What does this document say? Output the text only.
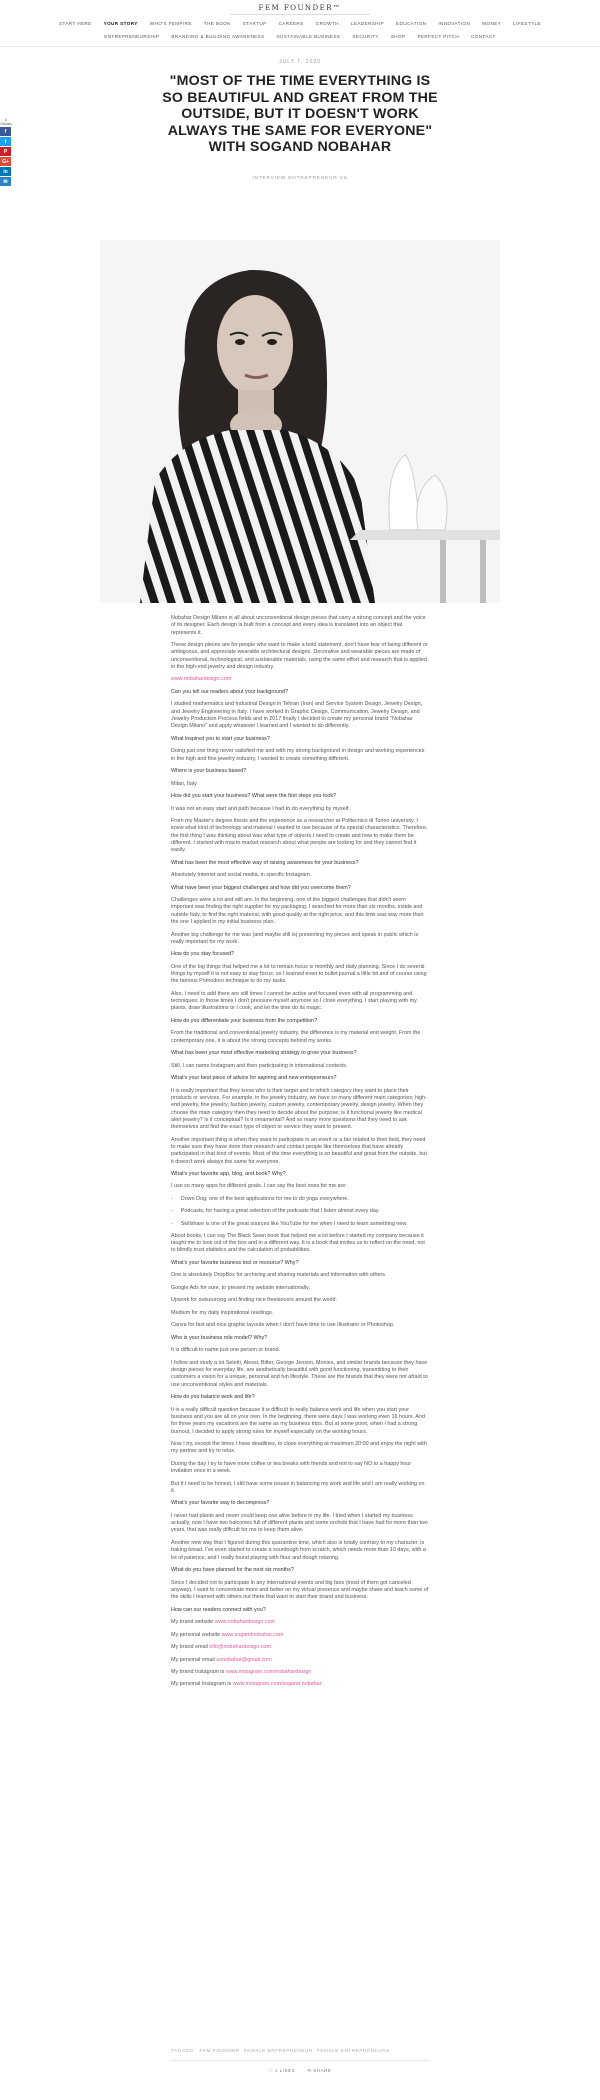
FEM FOUNDER™
START HERE	YOUR STORY	WHO'S FEMPIRE	THE BOOK	STARTUP	CAREERS	GROWTH	LEADERSHIP	EDUCATION	INNOVATION	MONEY	LIFESTYLE
ENTREPRENEURSHIP	BRANDING & BUILDING AWARENESS	SUSTAINABLE BUSINESS	SECURITY	SHOP	PERFECT PITCH	CONTACT
0
Shares
f
t
P
G+
in
✉
JULY 7, 2020
"MOST OF THE TIME EVERYTHING IS SO BEAUTIFUL AND GREAT FROM THE OUTSIDE, BUT IT DOESN'T WORK ALWAYS THE SAME FOR EVERYONE" WITH SOGAND NOBAHAR
INTERVIEW ENTREPRENEUR VS

Nobahar Design Milano is all about unconventional design pieces that carry a strong concept and the voice of its designer. Each design is built from a concept and every idea is translated into an object that represents it.

These design pieces are for people who want to make a bold statement, don't have fear of being different or ambiguous, and appreciate wearable architectural designs. Decorative and wearable pieces are made of unconventional, technological, and sustainable materials, using the same effort and research that is applied in the high-end jewelry and design industry.

www.nobahardesign.com

Can you tell our readers about your background?

I studied mathematics and Industrial Design in Tehran (Iran) and Service System Design, Jewelry Design, and Jewelry Engineering in Italy. I have worked in Graphic Design, Communication, Jewelry Design, and Jewelry Production Process fields and in 2017 finally I decided to create my personal brand "Nobahar Design Milano" and apply whatever I learned and I wanted to do differently.

What inspired you to start your business?

Doing just one thing never satisfied me and with my strong background in design and working experiences in the high and fine jewelry industry, I wanted to create something different.

Where is your business based?

Milan, Italy

How did you start your business? What were the first steps you took?

It was not an easy start and path because I had to do everything by myself.

From my Master's degree thesis and the experience as a researcher at Politecnico di Torino university, I knew what kind of technology and material I wanted to use because of its special characteristics. Therefore, the first thing I was thinking about was what type of objects I need to create and how to make them be different. I started with macro market research about what people are looking for and they cannot find it easily.

What has been the most effective way of raising awareness for your business?

Absolutely Internet and social media, in specific Instagram.

What have been your biggest challenges and how did you overcome them?

Challenges were a lot and still are. In the beginning, one of the biggest challenges that didn't seem important was finding the right supplier for my packaging. I searched for more than six months, inside and outside Italy, to find the right material, with good quality at the right price, and this time was way more than the one I applied in my initial business plan.

Another big challenge for me was (and maybe still is) presenting my pieces and speak in public which is really important for my work.

How do you stay focused?

One of the big things that helped me a lot to remain focus is monthly and daily planning. Since I do several things by myself it is not easy to stay focus, so I learned even to bullet journal a little bit and of course using the famous Pomodoro technique to do my tasks.

Also, I need to add there are still times I cannot be active and focused even with all programming and techniques; in those times I don't pressure myself anymore so I close everything, I start playing with my plants, draw illustrations or I cook, and let the time do its magic.

How do you differentiate your business from the competition?

From the traditional and conventional jewelry industry, the difference is my material and weight. From the contemporary one, it is about the strong concepts behind my works.

What has been your most effective marketing strategy to grow your business?

Still, I can name Instagram and then participating in international contests.

What's your best piece of advice for aspiring and new entrepreneurs?

It is really important that they know who is their target and in which category they want to place their products or services. For example, in the jewelry industry, we have so many different main categories; high-end jewelry, fine jewelry, fashion jewelry, custom jewelry, contemporary jewelry, design jewelry. When they choose the main category then they need to decide about the purpose; is it functional jewelry like medical alert jewelry? Is it conceptual? Is it ornamental? And so many more questions that they need to ask themselves and find the exact type of object or service they want to present.

Another important thing is when they want to participate in an event or a fair related to their field, they need to make sure they have done their research and contact people like themselves that have already participated in that kind of events. Most of the time everything is so beautiful and great from the outside, but it doesn't work always the same for everyone.

What's your favorite app, blog, and book? Why?

I use so many apps for different goals. I can say the best ones for me are:

- Down Dog, one of the best applications for me to do yoga everywhere.
- Podcasts, for having a great selection of the podcasts that I listen almost every day.
- Skillshare is one of the great sources like YouTube for me when I need to learn something new.

About books, I can say The Black Swan book that helped me a lot before I started my company because it taught me to look out of the box and in a different way. It is a book that invites us to reflect on the need, not to blindly trust statistics and the calculation of probabilities.

What's your favorite business tool or resource? Why?

One is absolutely DropBox for archiving and sharing materials and information with others.

Google Ads for sure, to present my website internationally.

Upwork for outsourcing and finding nice freelancers around the world.

Medium for my daily inspirational readings.

Canva for fast and nice graphic layouts when I don't have time to use Illustrator or Photoshop.

Who is your business role model? Why?

It is difficult to name just one person or brand.

I follow and study a lot Seletti, Alessi, Bitter, George Jenson, Monies, and similar brands because they have design pieces for everyday life, are aesthetically beautiful with good functioning, transmitting to their customers a vision for a unique, personal and fun lifestyle. These are the brands that they were not afraid to use unconventional styles and materials.

How do you balance work and life?

It is a really difficult question because it is difficult to really balance work and life when you start your business and you are all on your own. In the beginning, there were days I was working even 16 hours. And for three years my vacations are the same as my business trips. But at some point, when I had a strong burnout, I decided to apply strong rules for myself especially on the working hours.

Now I try, except the times I have deadlines, to close everything at maximum 20:00 and enjoy the night with my partner and try to relax.

During the day I try to have more coffee or tea breaks with friends and not to say NO to a happy hour invitation once in a week.

But if I need to be honest, I still have some issues in balancing my work and life and I am really working on it.

What's your favorite way to decompress?

I never had plants and never could keep one alive before in my life. I tried when I started my business actually, now I have two balconies full of different plants and some orchids that I have had for more than two years, that was really difficult for me to keep them alive.

Another new way that I figured during this quarantine time, which also is totally contrary to my character, is baking bread. I've even started to create a sourdough from scratch, which needs more than 10 days, with a lot of patience, and I really found playing with flour and dough relaxing.

What do you have planned for the next six months?

Since I decided not to participate in any international events and big fairs (most of them got canceled anyway), I want to concentrate more and better on my virtual presence and maybe share and teach some of the skills I learned with others out there that want to start their brand and business.

How can our readers connect with you?

My brand website www.nobahardesign.com

My personal website www.sogandnobahar.com

My brand email info@nobahardesign.com

My personal email sonobahar@gmail.com

My brand Instagram is www.instagram.com/nobahardesign

My personal Instagram is www.instagram.com/sogand.nobahar

TAGGED: FEM FOUNDER FEMALE ENTREPRENEUR FEMALE ENTREPRENEURS
♡ 1 LIKES	⟲ SHARE
